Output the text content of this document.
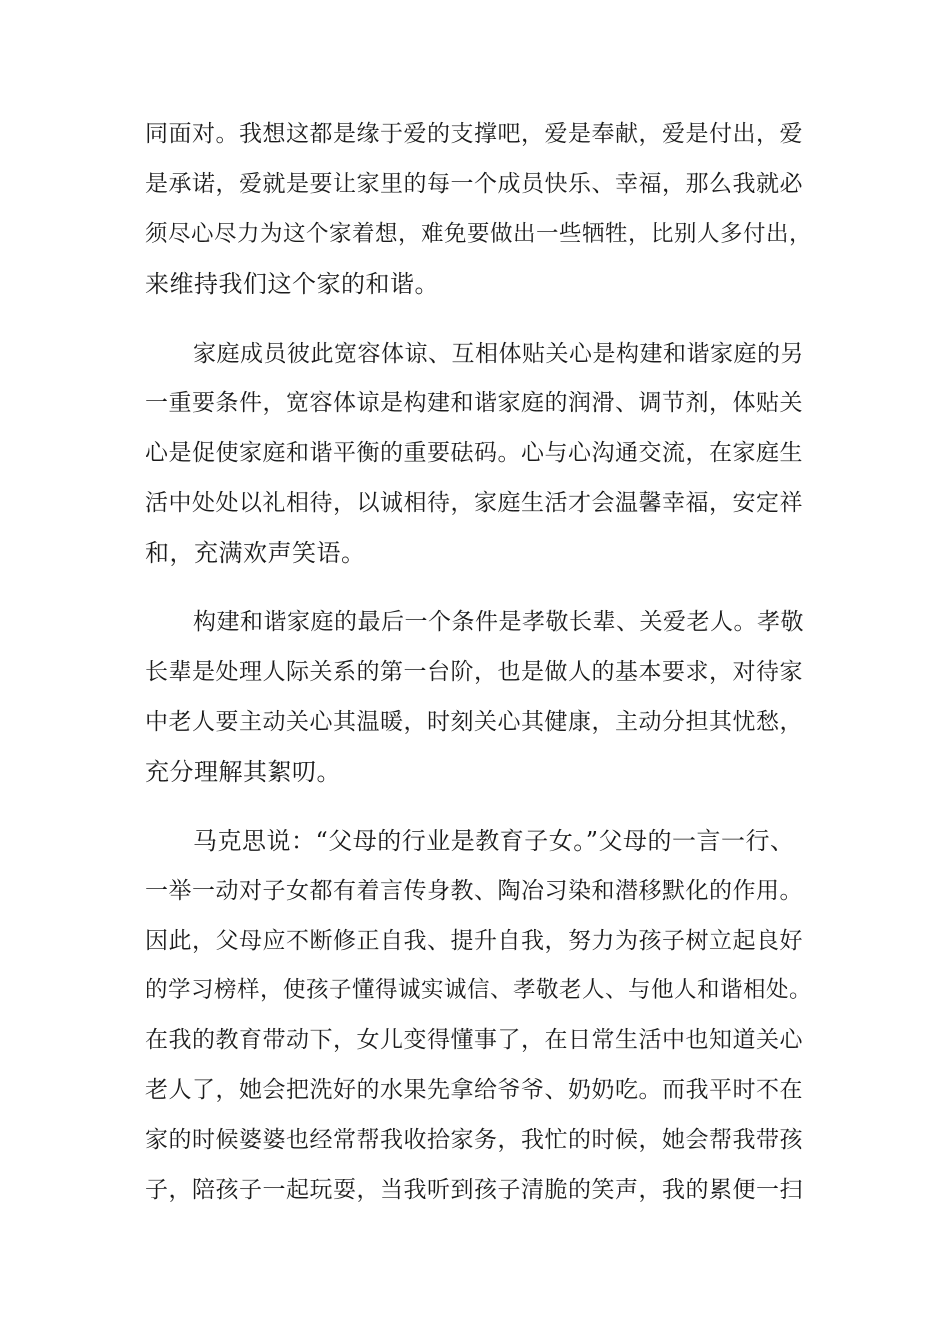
同面对。我想这都是缘于爱的支撑吧，爱是奉献，爱是付出，爱
是承诺，爱就是要让家里的每一个成员快乐、幸福，那么我就必
须尽心尽力为这个家着想，难免要做出一些牺牲，比别人多付出，
来维持我们这个家的和谐。
家庭成员彼此宽容体谅、互相体贴关心是构建和谐家庭的另
一重要条件，宽容体谅是构建和谐家庭的润滑、调节剂，体贴关
心是促使家庭和谐平衡的重要砝码。心与心沟通交流，在家庭生
活中处处以礼相待，以诚相待，家庭生活才会温馨幸福，安定祥
和，充满欢声笑语。
构建和谐家庭的最后一个条件是孝敬长辈、关爱老人。孝敬
长辈是处理人际关系的第一台阶，也是做人的基本要求，对待家
中老人要主动关心其温暖，时刻关心其健康，主动分担其忧愁，
充分理解其絮叨。
马克思说：“父母的行业是教育子女。”父母的一言一行、
一举一动对子女都有着言传身教、陶冶习染和潜移默化的作用。
因此，父母应不断修正自我、提升自我，努力为孩子树立起良好
的学习榜样，使孩子懂得诚实诚信、孝敬老人、与他人和谐相处。
在我的教育带动下，女儿变得懂事了，在日常生活中也知道关心
老人了，她会把洗好的水果先拿给爷爷、奶奶吃。而我平时不在
家的时候婆婆也经常帮我收拾家务，我忙的时候，她会帮我带孩
子，陪孩子一起玩耍，当我听到孩子清脆的笑声，我的累便一扫
